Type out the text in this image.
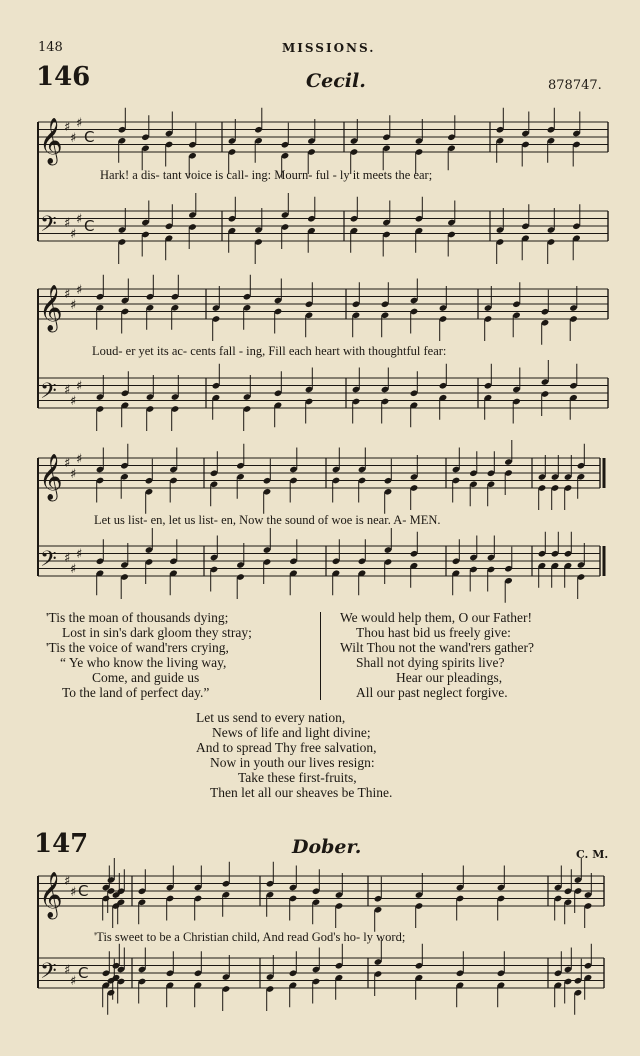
148	MISSIONS.
146	Cecil.	878747.
𝄞
𝄢
♯
♯
♯
♯
♯
♯
C
C
𝄞
𝄢
♯
♯
♯
♯
♯
♯
𝄞
𝄢
♯
♯
♯
♯
♯
♯
𝄞
𝄢
♯
♯
♯
♯
C
C
Hark! a dis- tant voice is call- ing: Mourn- ful - ly it meets the ear;
Loud- er yet its ac- cents fall - ing, Fill each heart with thoughtful fear:
Let us list- en, let us list- en, Now the sound of woe is near. A- MEN.
'Tis the moan of thousands dying;
Lost in sin's dark gloom they stray;
'Tis the voice of wand'rers crying,
“ Ye who know the living way,
Come, and guide us
To the land of perfect day.”
We would help them, O our Father!
Thou hast bid us freely give:
Wilt Thou not the wand'rers gather?
Shall not dying spirits live?
Hear our pleadings,
All our past neglect forgive.
Let us send to every nation,
News of life and light divine;
And to spread Thy free salvation,
Now in youth our lives resign:
Take these first-fruits,
Then let all our sheaves be Thine.
147	Dober.	C. M.
'Tis sweet to be a Christian child, And read God's ho- ly word;
